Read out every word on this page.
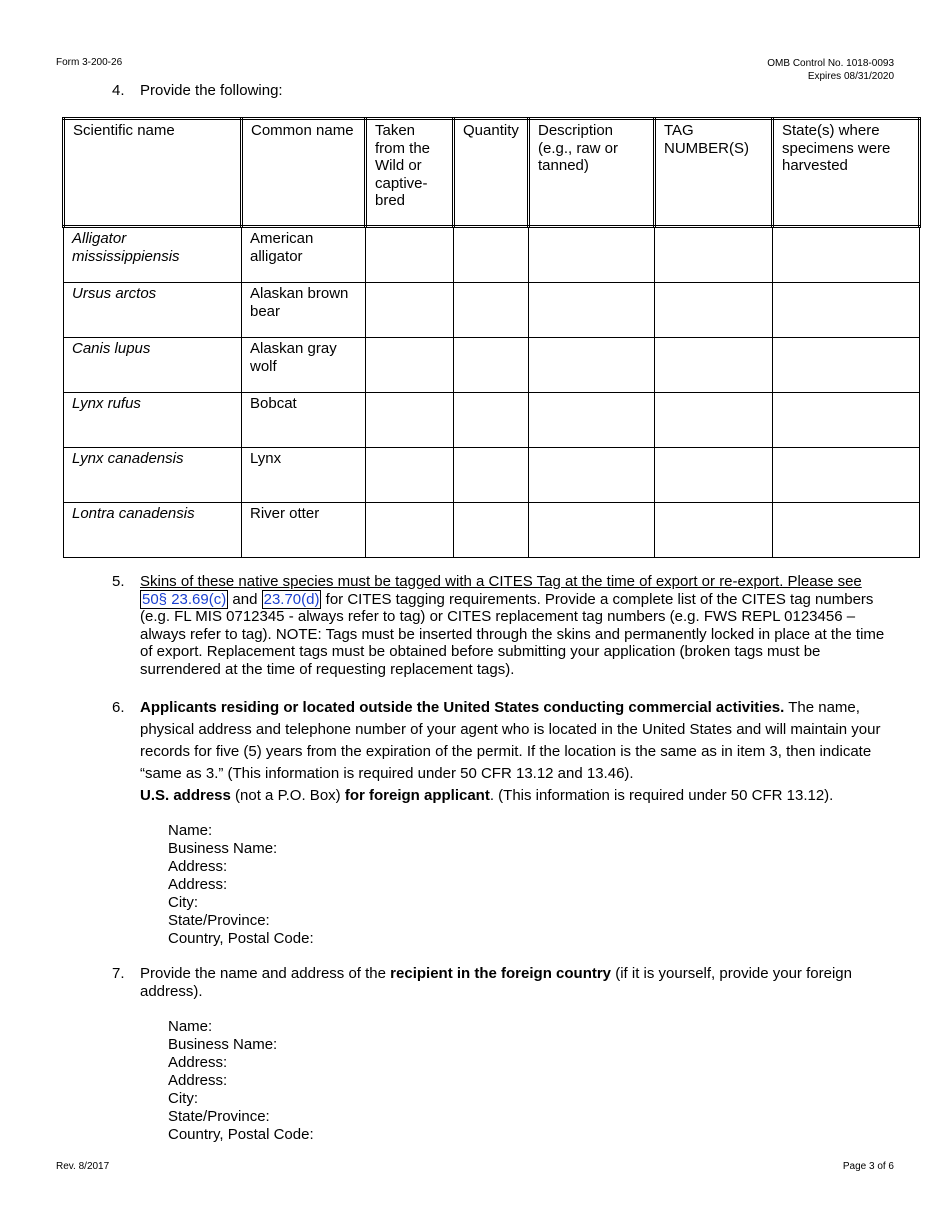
Form 3-200-26	OMB Control No. 1018-0093
Expires 08/31/2020
4. Provide the following:
Scientific name	Common name	Taken from the Wild or captive-bred	Quantity	Description (e.g., raw or tanned)	TAG NUMBER(S)	State(s) where specimens were harvested
Alligator mississippiensis	American alligator					
Ursus arctos	Alaskan brown bear					
Canis lupus	Alaskan gray wolf					
Lynx rufus	Bobcat					
Lynx canadensis	Lynx					
Lontra canadensis	River otter					
5. Skins of these native species must be tagged with a CITES Tag at the time of export or re-export. Please see 50§ 23.69(c) and 23.70(d) for CITES tagging requirements. Provide a complete list of the CITES tag numbers (e.g. FL MIS 0712345 - always refer to tag) or CITES replacement tag numbers (e.g. FWS REPL 0123456 – always refer to tag). NOTE: Tags must be inserted through the skins and permanently locked in place at the time of export. Replacement tags must be obtained before submitting your application (broken tags must be surrendered at the time of requesting replacement tags).
6. Applicants residing or located outside the United States conducting commercial activities. The name, physical address and telephone number of your agent who is located in the United States and will maintain your records for five (5) years from the expiration of the permit. If the location is the same as in item 3, then indicate “same as 3.” (This information is required under 50 CFR 13.12 and 13.46).
U.S. address (not a P.O. Box) for foreign applicant. (This information is required under 50 CFR 13.12).
Name:
Business Name:
Address:
Address:
City:
State/Province:
Country, Postal Code:
7. Provide the name and address of the recipient in the foreign country (if it is yourself, provide your foreign address).
Name:
Business Name:
Address:
Address:
City:
State/Province:
Country, Postal Code:
Rev. 8/2017	Page 3 of 6
